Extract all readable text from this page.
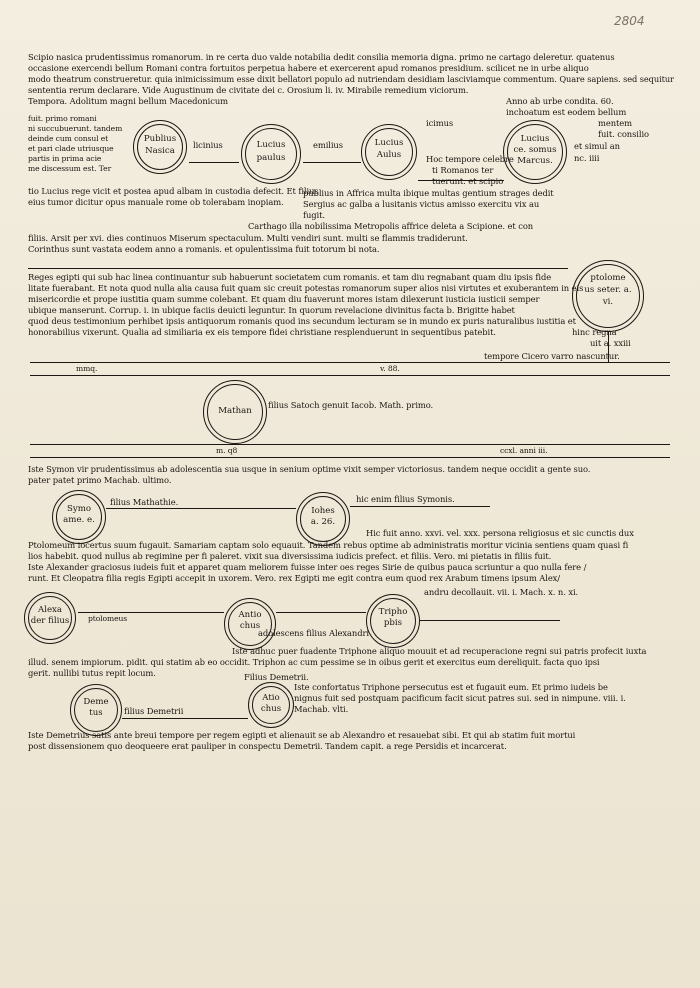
2804
Scipio nasica prudentissimus romanorum. in re certa duo valde notabilia dedit consilia memoria digna. primo ne cartago deleretur. quatenus
occasione exercendi bellum Romani contra fortuitos perpetua habere et exercerent apud romanos presidium. scilicet ne in urbe aliquo
modo theatrum construeretur. quia inimicissimum esse dixit bellatori populo ad nutriendam desidiam lasciviamque commentum. Quare sapiens. sed sequitur
sententia rerum declarare. Vide Augustinum de civitate dei c. Orosium li. iv. Mirabile remedium viciorum.
Tempora. Adolitum magni bellum Macedonicum	Anno ab urbe condita. 60.
inchoatum est eodem bellum
fuit. primo romani
ni succubuerunt. tandem
deinde cum consul et
et pari clade utriusque
partis in prima acie
me discessum est. Ter
tio Lucius rege vicit et postea apud albam in custodia defecit. Et filius
eius tumor dicitur opus manuale rome ob tolerabam inopiam.
Publius
Nasica
licinius	Lucius
paulus
emilius	Lucius
Aulus
icimus
Hoc tempore celebre
ti Romanos ter
tuerunt. et scipio
Lucius
ce. somus
Marcus.
mentem
fuit. consilio
et simul an
nc. iiii
publius in Affrica multa ibique multas gentium strages dedit
Sergius ac galba a lusitanis victus amisso exercitu vix au
fugit.
Carthago illa nobilissima Metropolis affrice deleta a Scipione. et con
filiis. Arsit per xvi. dies continuos Miserum spectaculum. Multi vendiri sunt. multi se flammis tradiderunt.
Corinthus sunt vastata eodem anno a romanis. et opulentissima fuit totorum bi nota.
Reges egipti qui sub hac linea continuantur sub habuerunt societatem cum romanis. et tam diu regnabant quam diu ipsis fide
litate fuerabant. Et nota quod nulla alia causa fuit quam sic creuit potestas romanorum super alios nisi virtutes et exuberantem in eis
misericordie et prope iustitia quam summe colebant. Et quam diu fuaverunt mores istam dilexerunt iusticia iusticii semper
ubique manserunt. Corrup. i. in ubique faciis deuicti leguntur. In quorum revelacione divinitus facta b. Brigitte habet
quod deus testimonium perhibet ipsis antiquorum romanis quod ins secundum lecturam se in mundo ex puris naturalibus iustitia et
honorabilius vixerunt. Qualia ad similiaria ex eis tempore fidei christiane resplenduerunt in sequentibus patebit.
ptolome
us seter. a.
vi.
hinc regna
uit a. xxiii
tempore Cicero varro nascuntur.
mmq.	v. 88.
Mathan
filius Satoch genuit Iacob. Math. primo.
m. q8	ccxl. anni iii.
Iste Symon vir prudentissimus ab adolescentia sua usque in senium optime vixit semper victoriosus. tandem neque occidit a gente suo.
pater patet primo Machab. ultimo.
Symo
ame. e.
filius Mathathie.
Iohes
a. 26.
hic enim filius Symonis.
Hic fuit anno. xxvi. vel. xxx. persona religiosus et sic cunctis dux
Ptolomeum iocertus suum fugauit. Samariam captam solo equauit. Tandem rebus optime ab administratis moritur vicinia sentiens quam quasi fi
lios habebit. quod nullus ab regimine per fi paleret. vixit sua diversissima iudicis prefect. et filiis. Vero. mi pietatis in filiis fuit.
Iste Alexander graciosus iudeis fuit et apparet quam meliorem fuisse inter oes reges Sirie de quibus pauca scriuntur a quo nulla fere /
runt. Et Cleopatra filia regis Egipti accepit in uxorem. Vero. rex Egipti me egit contra eum quod rex Arabum timens ipsum Alex/
andru decollauit. vii. i. Mach. x. n. xi.
Alexa
der filius	ptolomeus	Antio
chus
adolescens filius Alexandri
Tripho
pbis
Iste adhuc puer fuadente Triphone aliquo mouuit et ad recuperacione regni sui patris profecit iuxta
illud. senem impiorum. pidit. qui statim ab eo occidit. Triphon ac cum pessime se in oibus gerit et exercitus eum dereliquit. facta quo ipsi
gerit. nullibi tutus repit locum.	Filius Demetrii.
Deme
tus	filius Demetrii
Atio
chus
Iste confortatus Triphone persecutus est et fugauit eum. Et primo iudeis be
nignus fuit sed postquam pacificum facit sicut patres sui. sed in nimpune. viii. i.
Machab. vlti.
Iste Demetrius satis ante breui tempore per regem egipti et alienauit se ab Alexandro et resauebat sibi. Et qui ab statim fuit mortui
post dissensionem quo deoqueere erat pauliper in conspectu Demetrii. Tandem capit. a rege Persidis et incarcerat.
